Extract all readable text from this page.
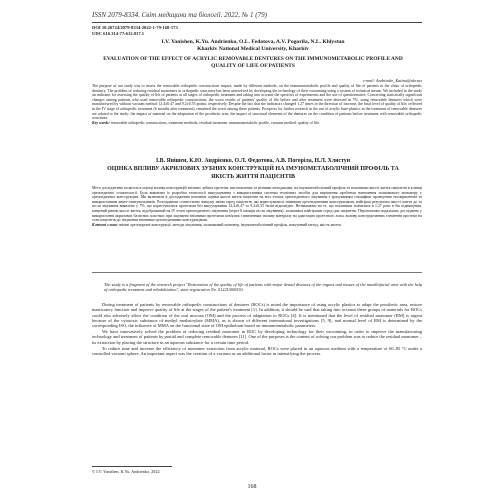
ISSN 2079-8334. Світ медицини та біології. 2022, № 1 (79)
DOI 10.26724/2079-8334-2022-1-79-168-173
UDC 616.314-77:612.017.1
I.V. Yanishen, K.Yu. Andrienko, O.L. Fedotova, A.V. Pogorila, N.L. Khlystun
Kharkiv National Medical University, Kharkiv
EVALUATION OF THE EFFECT OF ACRYLIC REMOVABLE DENTURES ON THE IMMUNOMETABOLIC PROFILE AND QUALITY OF LIFE OF PATIENTS
e-mail: Andrienko_Katina@ukr.net
The purpose of our study was to assess the removable orthopedic constructions impact, made by different methods, on the immunometabolic profile and quality of life of patients in the clinic of orthopedic dentistry. The problem of reducing residual monomers in orthopedic structures has been unresolved by developing the technology of their vacuuming using a system of technical means. We included in the study an indicator for assessing the quality of life of patients at all stages of orthopedic treatment and taking into account the specifics of experiments and the use of questionnaires. Concerning statistically significant changes among patients who used removable orthopedic constructions, the worst results of patients' quality of life before and after treatment were detected in 7%, using removable dentures which were manufactured by without vacuum method 12.4±0.47 and 9.2±0.55 points, respectively. Despite the fact that the indicators changed 1.27 times in the direction of increase, the final level of quality of life, reflected in the IV stage of orthopedic treatment (6 months after treatment), remained the worst among these patients. Prospects for further research in the use of acrylic base plastics in the treatment of removable dentures are related to the study: the impact of material on the adaptation of the prosthetic area, the impact of structural elements of the dentures on the condition of patients before treatment with removable orthopedic structures.
Key words: removable orthopedic constructions, treatment methods, residual monomer, immunometabolic profile, vacuum method, quality of life.
І.В. Янішен, К.Ю. Андрієнко, О.Л. Федотова, А.В. Погоріла, Н.Л. Хлистун
ОЦІНКА ВПЛИВУ АКРИЛОВИХ ЗУБНИХ КОНСТРУКЦІЙ НА ІМУНОМЕТАБОЛІЧНИЙ ПРОФІЛЬ ТА ЯКІСТЬ ЖИТТЯ ПАЦІЄНТІВ
Мета дослідження полягала в оцінці впливу конструкцій знімних зубних протезів, виготовлених за різними методиками, на імунометаболічний профіль та показники якості життя пацієнтів в клініці ортопедичної стоматології. Була виконана їх розробка технології вакуумування з використанням системи технічних засобів для вирішення проблеми зменшення залишкового мономеру у ортопедичних конструкціях. Ми включили в дослідження показник оцінки якості життя пацієнтів на всіх етапах ортопедичного лікування з урахуванням специфіки проведення експериментів та використанням анкет-опитувальників. Розглядаючи статистично значущі зміни серед пацієнтів, які користувалися знімними ортопедичними конструкціями, найгірші результати якості життя до та після лікування виявлено у 7%, що користувалися протезами без вакуумування 12,4±0,47 та 9,2±0,55 балів відповідно. Незважаючи на те, що показники змінилися в 1,27 рази в бік підвищення, кінцевий рівень якості життя, відображений на IV етапі ортопедичного лікування (через 6 місяців після лікування), залишився найгіршим серед цих пацієнтів. Перспективи подальших досліджень у використанні акрилових базисних пластмас при лікуванні знімними протезами пов'язані з вивченням: впливу матеріалу на адаптацію протезного ложа, впливу конструктивних елементів протезів на стан пацієнтів до лікування знімними ортопедичними конструкціями.
Ключові слова: знімні ортопедичні конструкції, методи лікування, залишковий мономер, імунометаболічний профіль, вакуумний метод, якість життя.
The study is a fragment of the research project "Restoration of the quality of life of patients with major dental diseases of the organs and tissues of the maxillofacial area with the help of orthopedic treatment and rehabilitation", state registration No. 0122U000530.

During treatment of patients by removable orthopedic constructions of dentures (ROCs) is noted the importance of using acrylic plastics to adapt the prosthetic area, restore masticatory function and improve quality of life at the stages of the patient's treatment [1]. In addition, it should be said that taking into account these groups of materials for ROCs could also adversely affect the condition of the oral mucosa (OM) and the process of adaptation to ROCs [4]. It is mentioned that the level of residual monomer (RM) is urgent because of the cytotoxic substance of methyl methacrylate (MMA), as is shown of different international investigations [5, 9]; and normal level of RM is determined by the corresponding ISO, the influence of MMA on the functional state of OM epithelium based on immunometabolic parameters.

We have innovatively solved the problem of reducing residual monomer in ROC by developing technology for their vacuuming, in order to improve the manufacturing technology and treatment of patients by partial and complete removable dentures [11]. One of the purposes is the content of solving our problem was to reduce the residual monomer – its extraction by placing the structure in an aqueous substance for a certain time period.

To reduce time and increase the efficiency of monomer extraction from acrylic material, ROCs were placed in an aqueous medium with a temperature of 60–85 °C under a controlled vacuum sphere. An important aspect was the creation of a vacuum as an additional factor in intensifying the process.

© I.V. Yanishen, K.Yu. Andrienko, 2022
168
